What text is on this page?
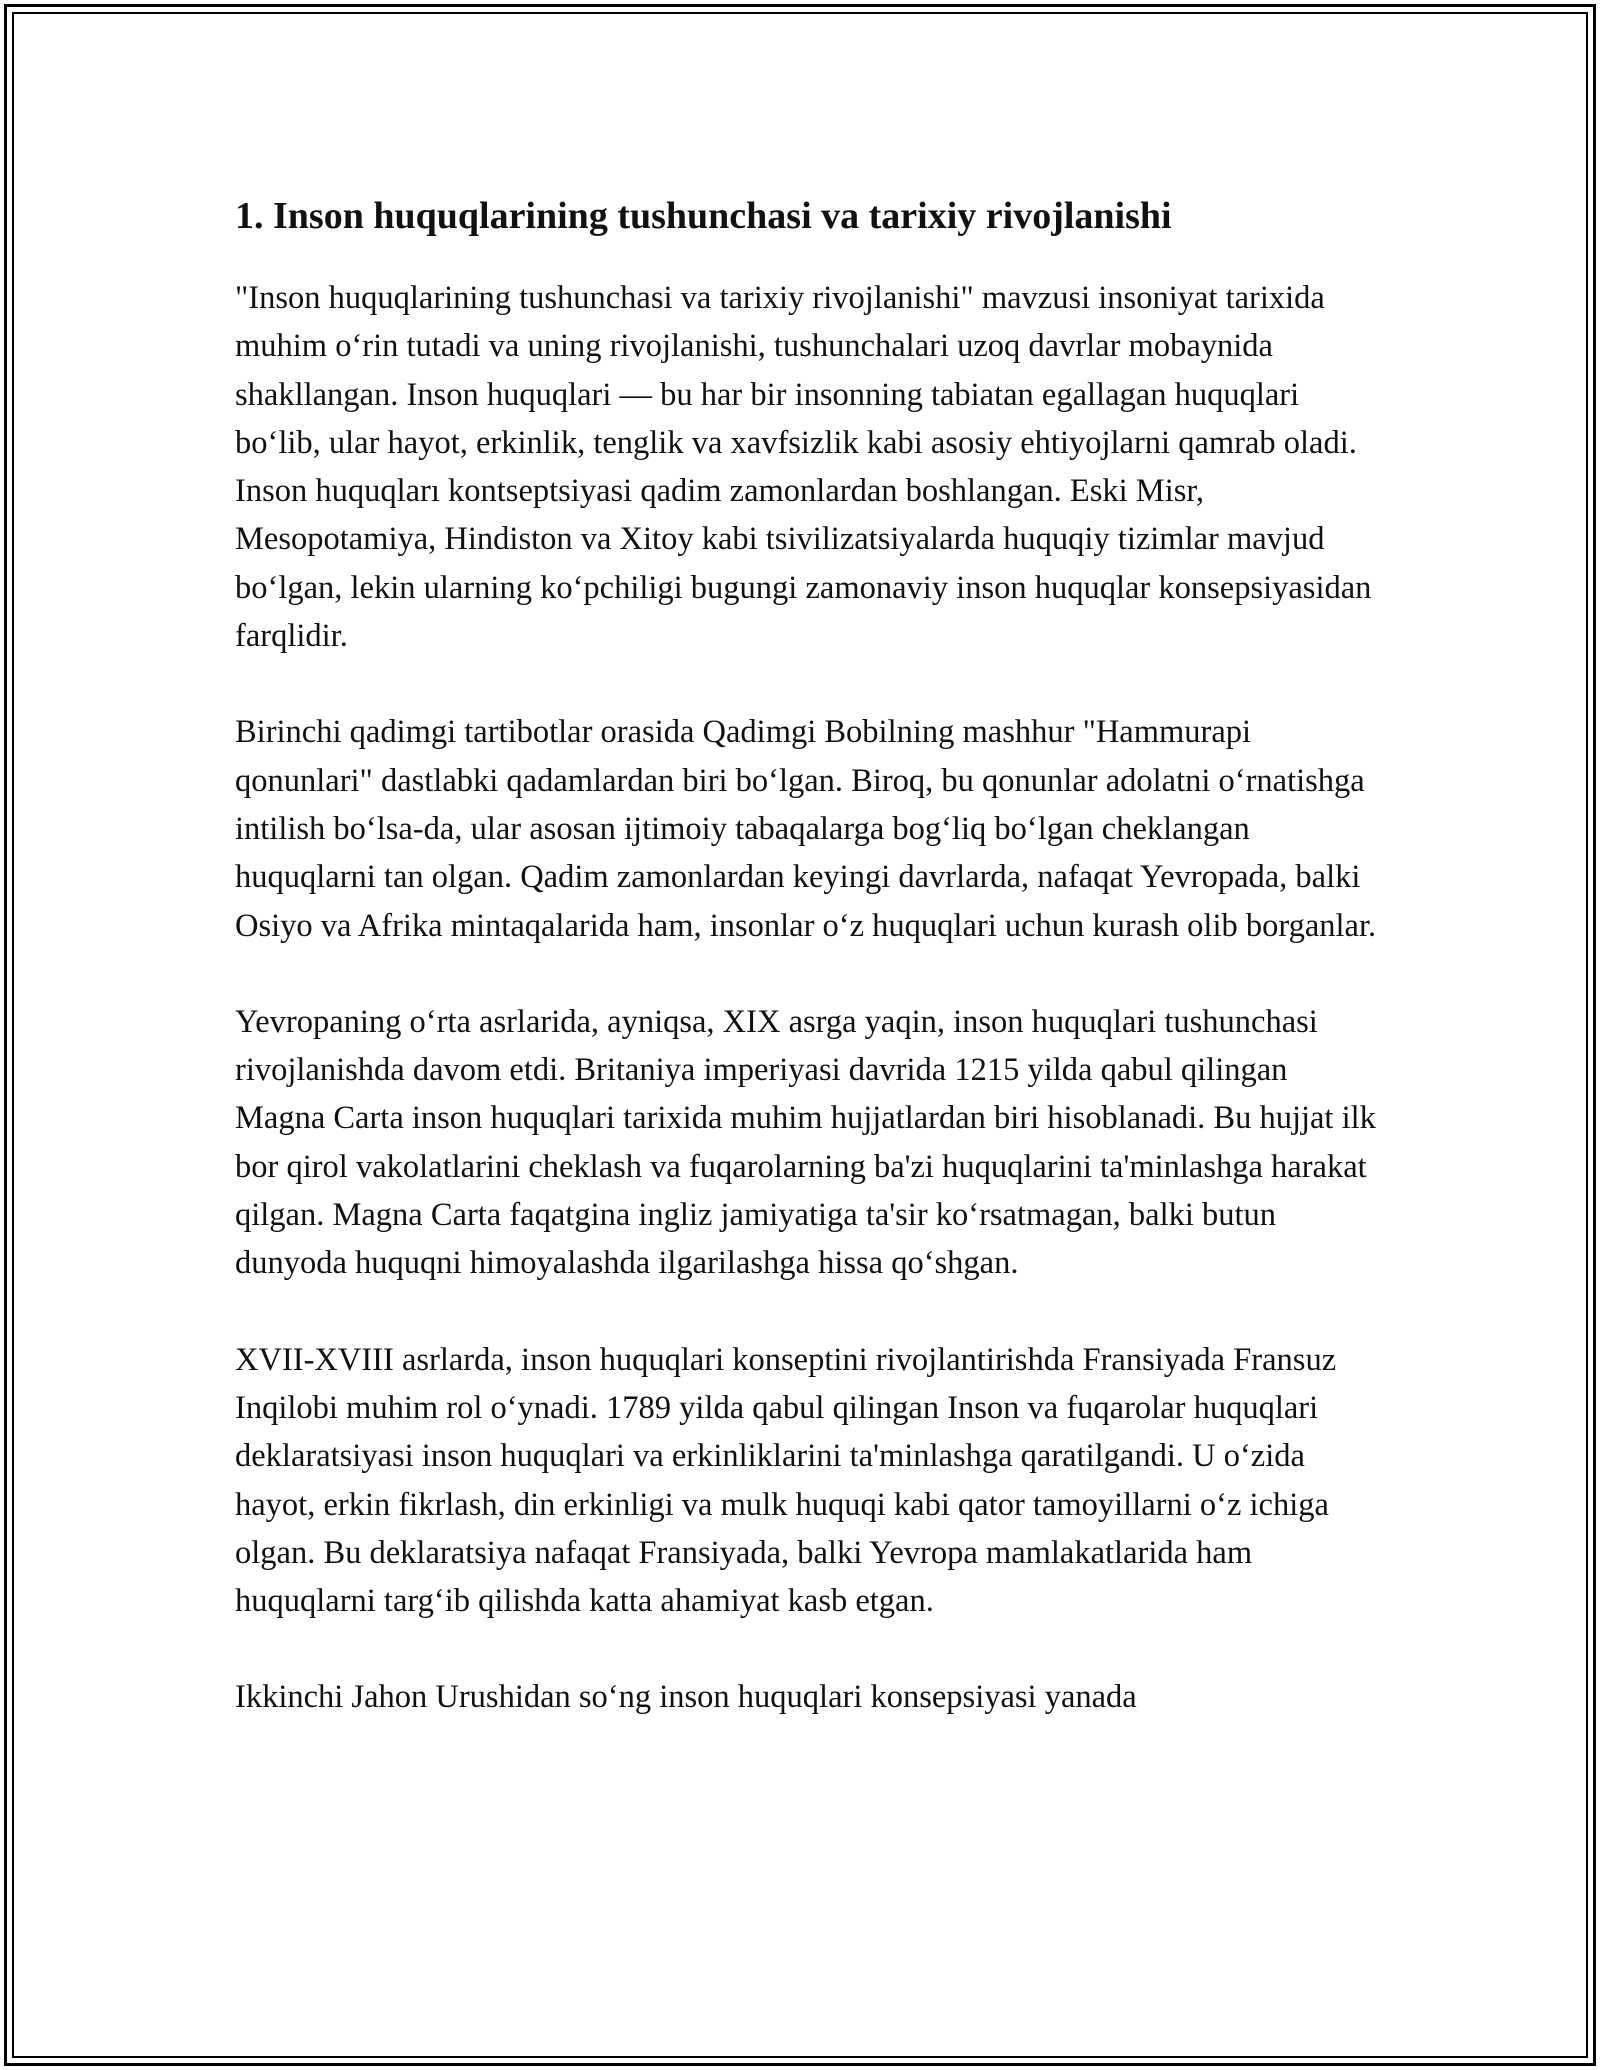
1. Inson huquqlarining tushunchasi va tarixiy rivojlanishi

"Inson huquqlarining tushunchasi va tarixiy rivojlanishi" mavzusi insoniyat tarixida muhim oʻrin tutadi va uning rivojlanishi, tushunchalari uzoq davrlar mobaynida shakllangan. Inson huquqlari — bu har bir insonning tabiatan egallagan huquqlari boʻlib, ular hayot, erkinlik, tenglik va xavfsizlik kabi asosiy ehtiyojlarni qamrab oladi. Inson huquqları kontseptsiyasi qadim zamonlardan boshlangan. Eski Misr, Mesopotamiya, Hindiston va Xitoy kabi tsivilizatsiyalarda huquqiy tizimlar mavjud boʻlgan, lekin ularning koʻpchiligi bugungi zamonaviy inson huquqlar konsepsiyasidan farqlidir.

Birinchi qadimgi tartibotlar orasida Qadimgi Bobilning mashhur "Hammurapi qonunlari" dastlabki qadamlardan biri boʻlgan. Biroq, bu qonunlar adolatni oʻrnatishga intilish boʻlsa-da, ular asosan ijtimoiy tabaqalarga bogʻliq boʻlgan cheklangan huquqlarni tan olgan. Qadim zamonlardan keyingi davrlarda, nafaqat Yevropada, balki Osiyo va Afrika mintaqalarida ham, insonlar oʻz huquqlari uchun kurash olib borganlar.

Yevropaning oʻrta asrlarida, ayniqsa, XIX asrga yaqin, inson huquqlari tushunchasi rivojlanishda davom etdi. Britaniya imperiyasi davrida 1215 yilda qabul qilingan Magna Carta inson huquqlari tarixida muhim hujjatlardan biri hisoblanadi. Bu hujjat ilk bor qirol vakolatlarini cheklash va fuqarolarning ba'zi huquqlarini ta'minlashga harakat qilgan. Magna Carta faqatgina ingliz jamiyatiga ta'sir koʻrsatmagan, balki butun dunyoda huquqni himoyalashda ilgarilashga hissa qoʻshgan.

XVII-XVIII asrlarda, inson huquqlari konseptini rivojlantirishda Fransiyada Fransuz Inqilobi muhim rol oʻynadi. 1789 yilda qabul qilingan Inson va fuqarolar huquqlari deklaratsiyasi inson huquqlari va erkinliklarini ta'minlashga qaratilgandi. U oʻzida hayot, erkin fikrlash, din erkinligi va mulk huquqi kabi qator tamoyillarni oʻz ichiga olgan. Bu deklaratsiya nafaqat Fransiyada, balki Yevropa mamlakatlarida ham huquqlarni targʻib qilishda katta ahamiyat kasb etgan.

Ikkinchi Jahon Urushidan soʻng inson huquqlari konsepsiyasi yanada
